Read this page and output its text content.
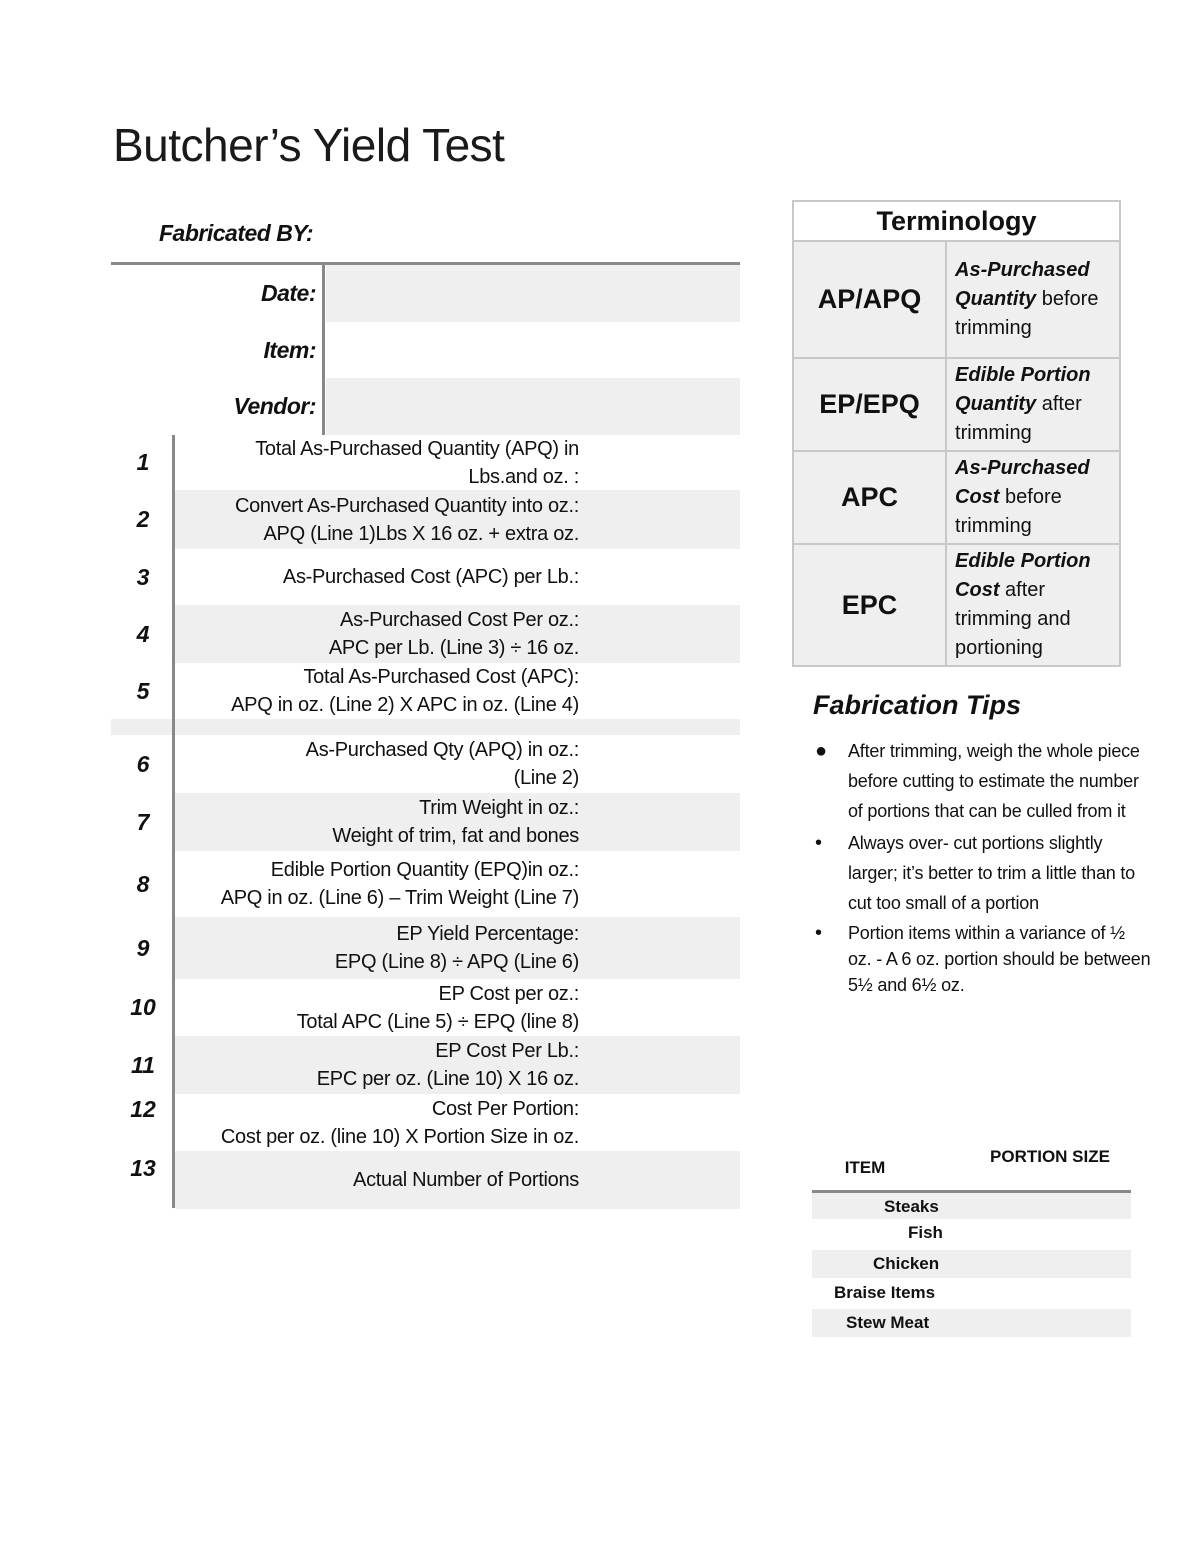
Butcher’s Yield Test
Fabricated BY:
Date:
Item:
Vendor:
1
Total As-Purchased Quantity (APQ) in
Lbs.and oz. :
2
Convert As-Purchased Quantity into oz.:
APQ (Line 1)Lbs X 16 oz. + extra oz.
3	As-Purchased Cost (APC) per Lb.:
4
As-Purchased Cost Per oz.:
APC per Lb. (Line 3) ÷ 16 oz.
5
Total As-Purchased Cost (APC):
APQ in oz. (Line 2) X APC in oz. (Line 4)
6
As-Purchased Qty (APQ) in oz.:
(Line 2)
7
Trim Weight in oz.:
Weight of trim, fat and bones
8
Edible Portion Quantity (EPQ)in oz.:
APQ in oz. (Line 6) – Trim Weight (Line 7)
9
EP Yield Percentage:
EPQ (Line 8) ÷ APQ (Line 6)
10
EP Cost per oz.:
Total APC (Line 5) ÷ EPQ (line 8)
11
EP Cost Per Lb.:
EPC per oz. (Line 10) X 16 oz.
12	Cost Per Portion:
Cost per oz. (line 10) X Portion Size in oz.
13	Actual Number of Portions
Terminology	
AP/APQ	As-Purchased Quantity before trimming
EP/EPQ	Edible Portion Quantity after trimming
APC	As-Purchased Cost before trimming
EPC	Edible Portion Cost after trimming and portioning
Fabrication Tips
● After trimming, weigh the whole piece before cutting to estimate the number of portions that can be culled from it
• Always over- cut portions slightly larger; it’s better to trim a little than to cut too small of a portion
• Portion items within a variance of ½ oz. - A 6 oz. portion should be between 5½ and 6½ oz.
ITEM
PORTION SIZE
Steaks
Fish
Chicken
Braise Items
Stew Meat
